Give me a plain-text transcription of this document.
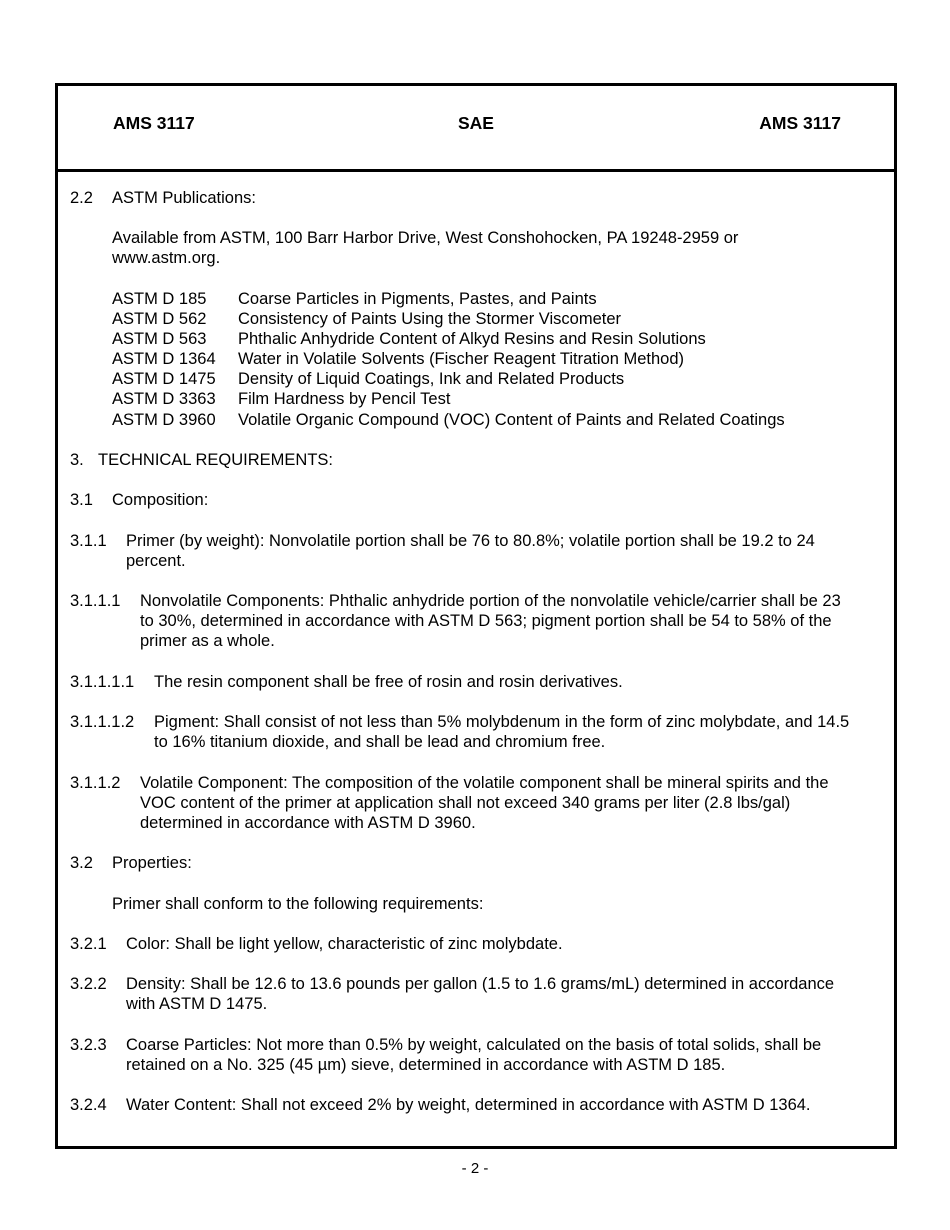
AMS 3117	SAE	AMS 3117
2.2 ASTM Publications:
Available from ASTM, 100 Barr Harbor Drive, West Conshohocken, PA 19248-2959 or
www.astm.org.
ASTM D 185 Coarse Particles in Pigments, Pastes, and Paints
ASTM D 562 Consistency of Paints Using the Stormer Viscometer
ASTM D 563 Phthalic Anhydride Content of Alkyd Resins and Resin Solutions
ASTM D 1364 Water in Volatile Solvents (Fischer Reagent Titration Method)
ASTM D 1475 Density of Liquid Coatings, Ink and Related Products
ASTM D 3363 Film Hardness by Pencil Test
ASTM D 3960 Volatile Organic Compound (VOC) Content of Paints and Related Coatings
3. TECHNICAL REQUIREMENTS:
3.1 Composition:
3.1.1 Primer (by weight): Nonvolatile portion shall be 76 to 80.8%; volatile portion shall be 19.2 to 24
percent.
3.1.1.1 Nonvolatile Components: Phthalic anhydride portion of the nonvolatile vehicle/carrier shall be 23
to 30%, determined in accordance with ASTM D 563; pigment portion shall be 54 to 58% of the
primer as a whole.
3.1.1.1.1 The resin component shall be free of rosin and rosin derivatives.
3.1.1.1.2 Pigment: Shall consist of not less than 5% molybdenum in the form of zinc molybdate, and 14.5
to 16% titanium dioxide, and shall be lead and chromium free.
3.1.1.2 Volatile Component: The composition of the volatile component shall be mineral spirits and the
VOC content of the primer at application shall not exceed 340 grams per liter (2.8 lbs/gal)
determined in accordance with ASTM D 3960.
3.2 Properties:
Primer shall conform to the following requirements:
3.2.1 Color: Shall be light yellow, characteristic of zinc molybdate.
3.2.2 Density: Shall be 12.6 to 13.6 pounds per gallon (1.5 to 1.6 grams/mL) determined in accordance
with ASTM D 1475.
3.2.3 Coarse Particles: Not more than 0.5% by weight, calculated on the basis of total solids, shall be
retained on a No. 325 (45 µm) sieve, determined in accordance with ASTM D 185.
3.2.4 Water Content: Shall not exceed 2% by weight, determined in accordance with ASTM D 1364.
- 2 -
